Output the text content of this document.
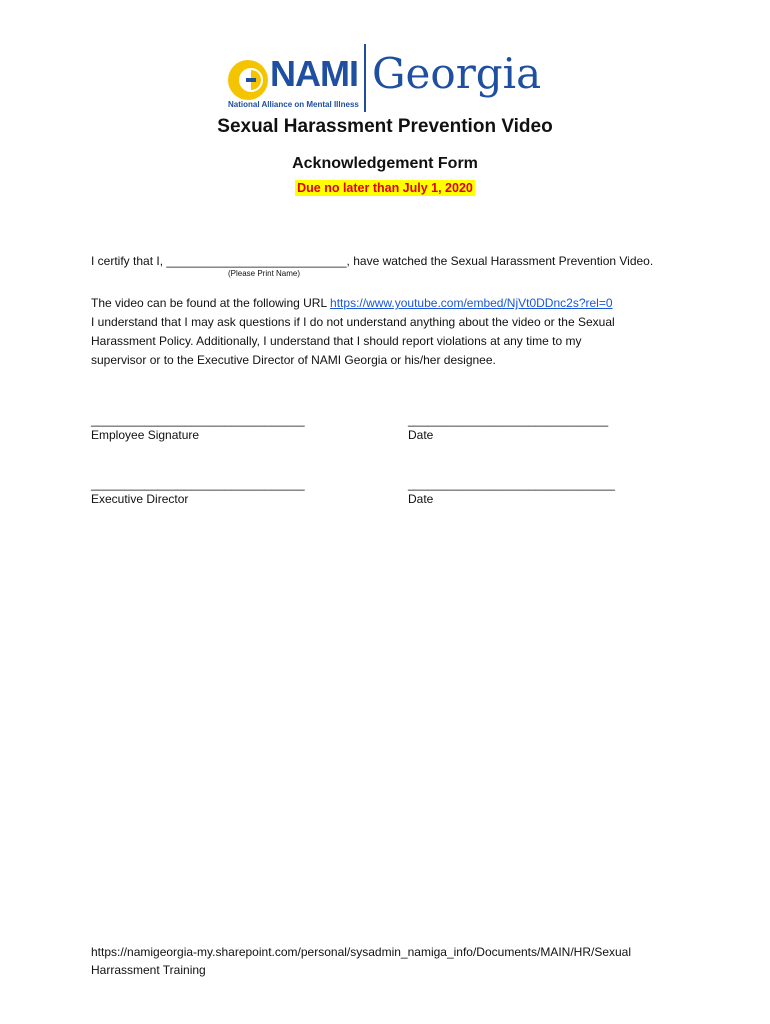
NAMI
National Alliance on Mental Illness
Georgia
Sexual Harassment Prevention Video
Acknowledgement Form
Due no later than July 1, 2020
I certify that I, ___________________________, have watched the Sexual Harassment Prevention Video.
(Please Print Name)
The video can be found at the following URL https://www.youtube.com/embed/NjVt0DDnc2s?rel=0
I understand that I may ask questions if I do not understand anything about the video or the Sexual
Harassment Policy. Additionally, I understand that I should report violations at any time to my
supervisor or to the Executive Director of NAMI Georgia or his/her designee.
________________________________
Employee Signature
______________________________
Date
________________________________
Executive Director
_______________________________
Date
https://namigeorgia-my.sharepoint.com/personal/sysadmin_namiga_info/Documents/MAIN/HR/Sexual
Harrassment Training
